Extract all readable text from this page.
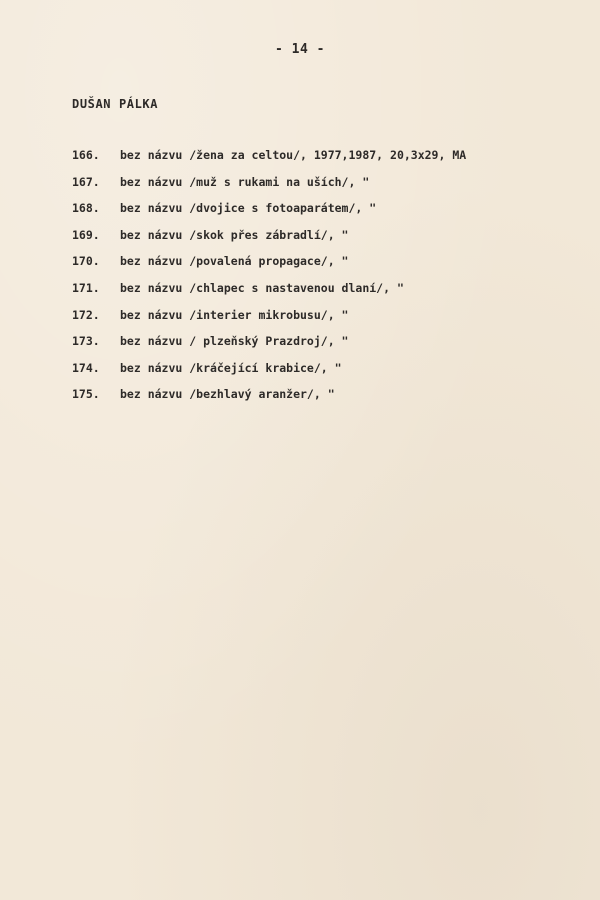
- 14 -
DUŠAN PÁLKA
166. bez názvu /žena za celtou/, 1977,1987, 20,3x29, MA
167. bez názvu /muž s rukami na uších/, "
168. bez názvu /dvojice s fotoaparátem/, "
169. bez názvu /skok přes zábradlí/, "
170. bez názvu /povalená propagace/, "
171. bez názvu /chlapec s nastavenou dlaní/, "
172. bez názvu /interier mikrobusu/, "
173. bez názvu / plzeňský Prazdroj/, "
174. bez názvu /kráčející krabice/, "
175. bez názvu /bezhlavý aranžer/, "
